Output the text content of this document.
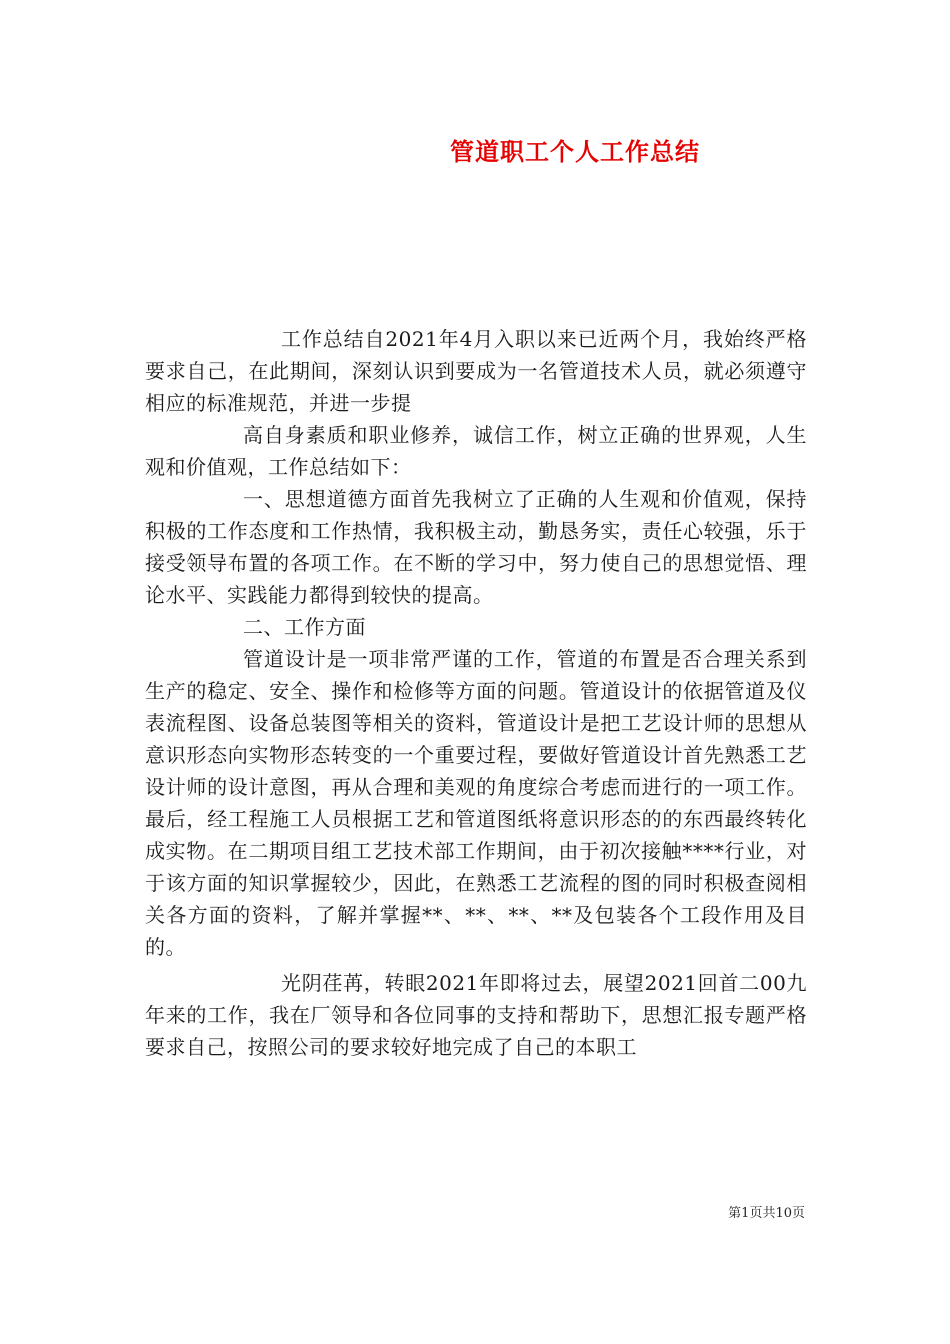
管道职工个人工作总结

工作总结自2021年4月入职以来已近两个月，我始终严格要求自己，在此期间，深刻认识到要成为一名管道技术人员，就必须遵守相应的标准规范，并进一步提

高自身素质和职业修养，诚信工作，树立正确的世界观，人生观和价值观，工作总结如下：

一、思想道德方面首先我树立了正确的人生观和价值观，保持积极的工作态度和工作热情，我积极主动，勤恳务实，责任心较强，乐于接受领导布置的各项工作。在不断的学习中，努力使自己的思想觉悟、理论水平、实践能力都得到较快的提高。

二、工作方面

管道设计是一项非常严谨的工作，管道的布置是否合理关系到生产的稳定、安全、操作和检修等方面的问题。管道设计的依据管道及仪表流程图、设备总装图等相关的资料，管道设计是把工艺设计师的思想从意识形态向实物形态转变的一个重要过程，要做好管道设计首先熟悉工艺设计师的设计意图，再从合理和美观的角度综合考虑而进行的一项工作。最后，经工程施工人员根据工艺和管道图纸将意识形态的的东西最终转化成实物。在二期项目组工艺技术部工作期间，由于初次接触****行业，对于该方面的知识掌握较少，因此，在熟悉工艺流程的图的同时积极查阅相关各方面的资料，了解并掌握**、**、**、**及包装各个工段作用及目的。

光阴荏苒，转眼2021年即将过去，展望2021回首二00九年来的工作，我在厂领导和各位同事的支持和帮助下，思想汇报专题严格要求自己，按照公司的要求较好地完成了自己的本职工

第1页共10页
